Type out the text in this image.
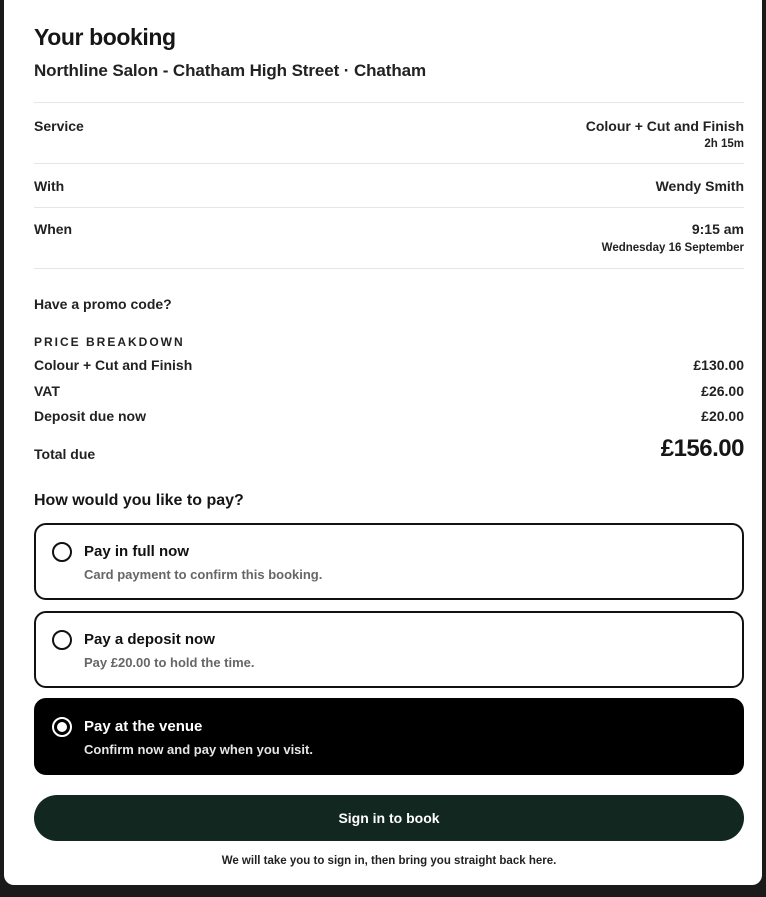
Your booking
Northline Salon - Chatham High Street · Chatham
Service	Colour + Cut and Finish
2h 15m
With	Wendy Smith
When	9:15 am
Wednesday 16 September
Have a promo code?
PRICE BREAKDOWN
Colour + Cut and Finish	£130.00
VAT	£26.00
Deposit due now	£20.00
Total due	£156.00
How would you like to pay?
Pay in full now
Card payment to confirm this booking.
Pay a deposit now
Pay £20.00 to hold the time.
Pay at the venue
Confirm now and pay when you visit.
Sign in to book
We will take you to sign in, then bring you straight back here.
